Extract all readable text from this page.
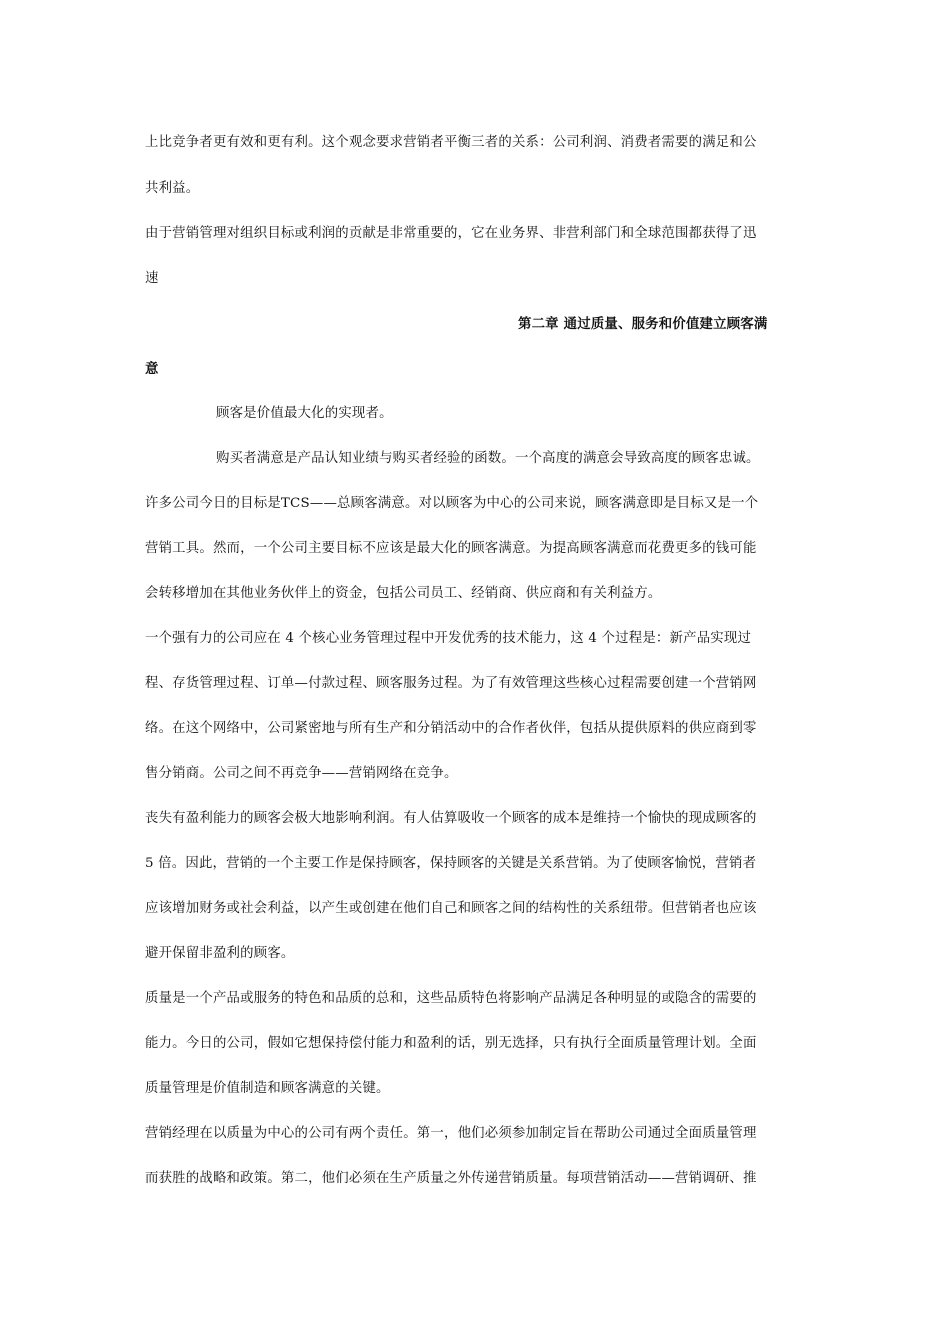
上比竞争者更有效和更有利。这个观念要求营销者平衡三者的关系：公司利润、消费者需要的满足和公
共利益。
由于营销管理对组织目标或利润的贡献是非常重要的，它在业务界、非营利部门和全球范围都获得了迅
速
第二章 通过质量、服务和价值建立顾客满
意
顾客是价值最大化的实现者。
购买者满意是产品认知业绩与购买者经验的函数。一个高度的满意会导致高度的顾客忠诚。
许多公司今日的目标是TCS——总顾客满意。对以顾客为中心的公司来说，顾客满意即是目标又是一个
营销工具。然而，一个公司主要目标不应该是最大化的顾客满意。为提高顾客满意而花费更多的钱可能
会转移增加在其他业务伙伴上的资金，包括公司员工、经销商、供应商和有关利益方。
一个强有力的公司应在 4 个核心业务管理过程中开发优秀的技术能力，这 4 个过程是：新产品实现过
程、存货管理过程、订单—付款过程、顾客服务过程。为了有效管理这些核心过程需要创建一个营销网
络。在这个网络中，公司紧密地与所有生产和分销活动中的合作者伙伴，包括从提供原料的供应商到零
售分销商。公司之间不再竞争——营销网络在竞争。
丧失有盈利能力的顾客会极大地影响利润。有人估算吸收一个顾客的成本是维持一个愉快的现成顾客的
5 倍。因此，营销的一个主要工作是保持顾客，保持顾客的关键是关系营销。为了使顾客愉悦，营销者
应该增加财务或社会利益，以产生或创建在他们自己和顾客之间的结构性的关系纽带。但营销者也应该
避开保留非盈利的顾客。
质量是一个产品或服务的特色和品质的总和，这些品质特色将影响产品满足各种明显的或隐含的需要的
能力。今日的公司，假如它想保持偿付能力和盈利的话，别无选择，只有执行全面质量管理计划。全面
质量管理是价值制造和顾客满意的关键。
营销经理在以质量为中心的公司有两个责任。第一，他们必须参加制定旨在帮助公司通过全面质量管理
而获胜的战略和政策。第二，他们必须在生产质量之外传递营销质量。每项营销活动——营销调研、推
